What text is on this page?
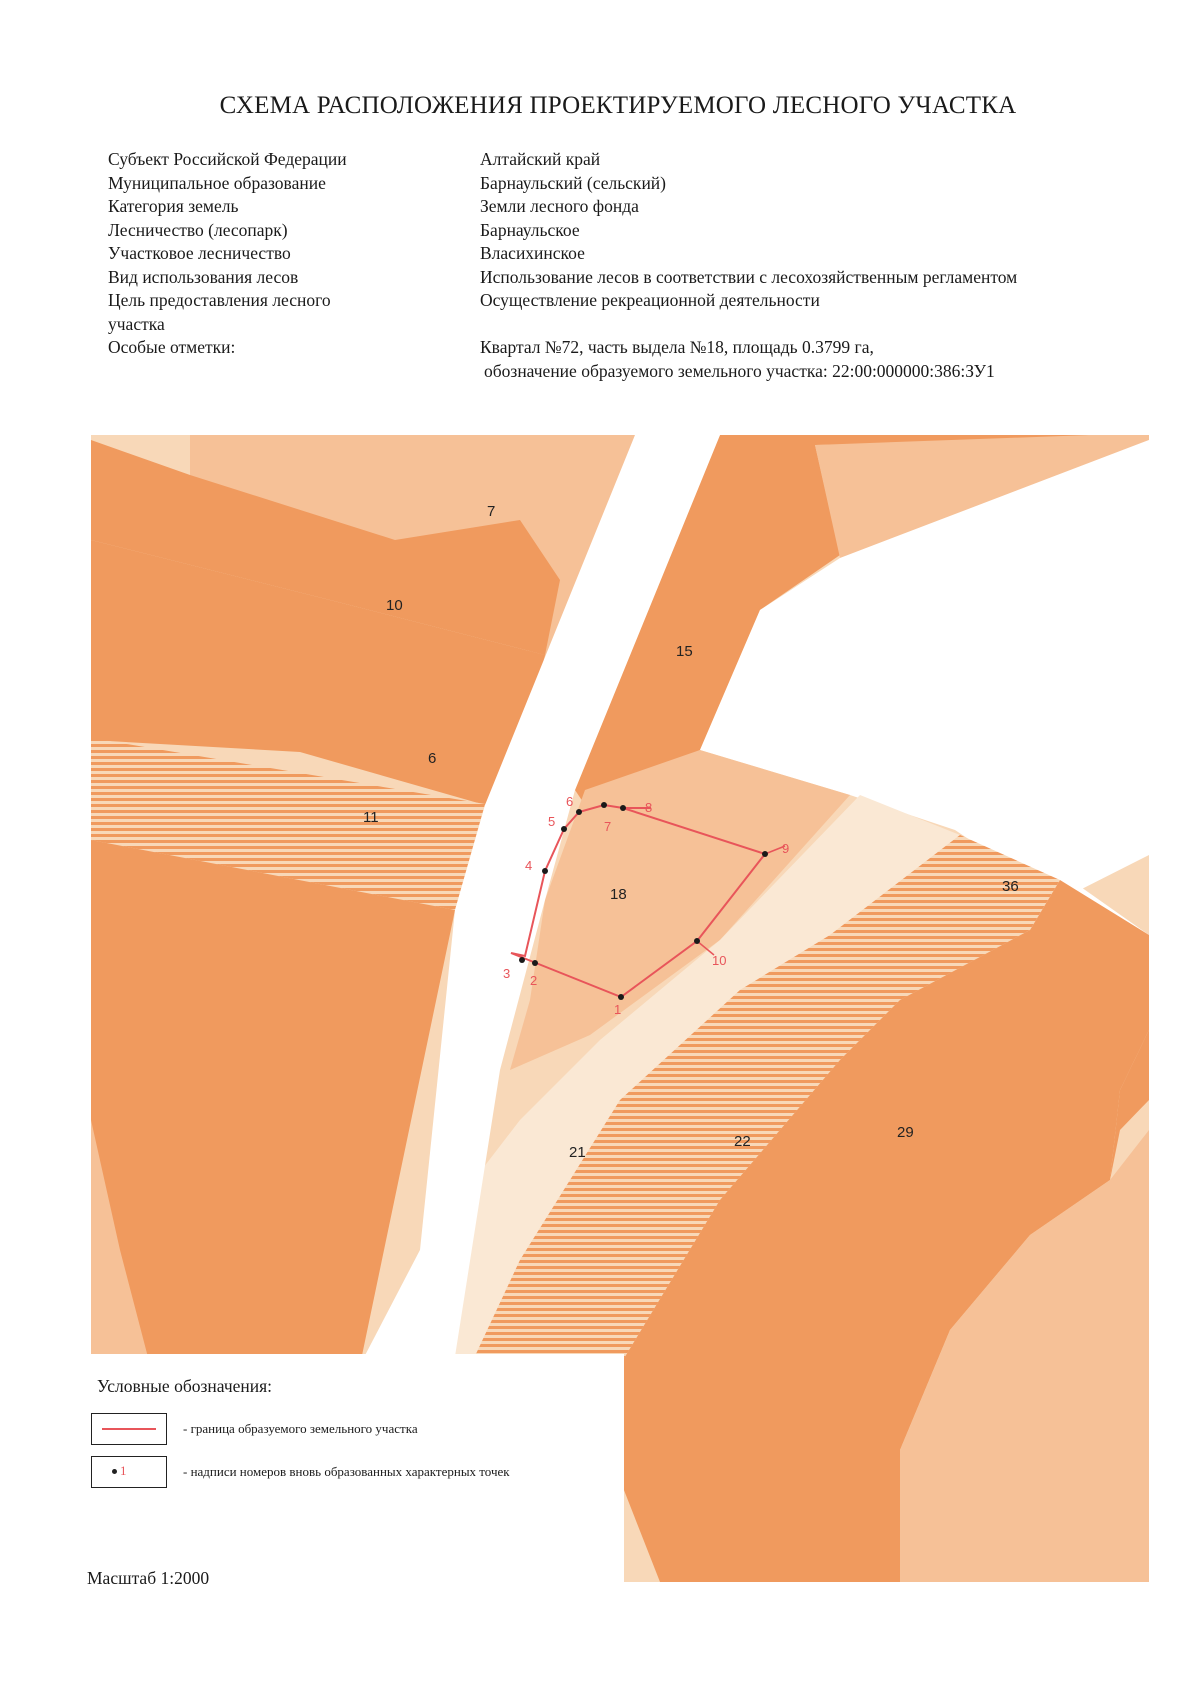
СХЕМА РАСПОЛОЖЕНИЯ ПРОЕКТИРУЕМОГО ЛЕСНОГО УЧАСТКА
Субъект Российской Федерации
Муниципальное образование
Категория земель
Лесничество (лесопарк)
Участковое лесничество
Вид использования лесов
Цель предоставления лесного
участка
Особые отметки:
Алтайский край
Барнаульский (сельский)
Земли лесного фонда
Барнаульское
Власихинское
Использование лесов в соответствии с лесохозяйственным регламентом
Осуществление рекреационной деятельности
Квартал №72, часть выдела №18, площадь 0.3799 га,
обозначение образуемого земельного участка: 22:00:000000:386:ЗУ1
7
10
15
6
11
18	36
21
22
29
1
2
3
4
5
6
7
8
9
10
Условные обозначения:
- граница образуемого земельного участка
1	- надписи номеров вновь образованных характерных точек
Масштаб 1:2000
